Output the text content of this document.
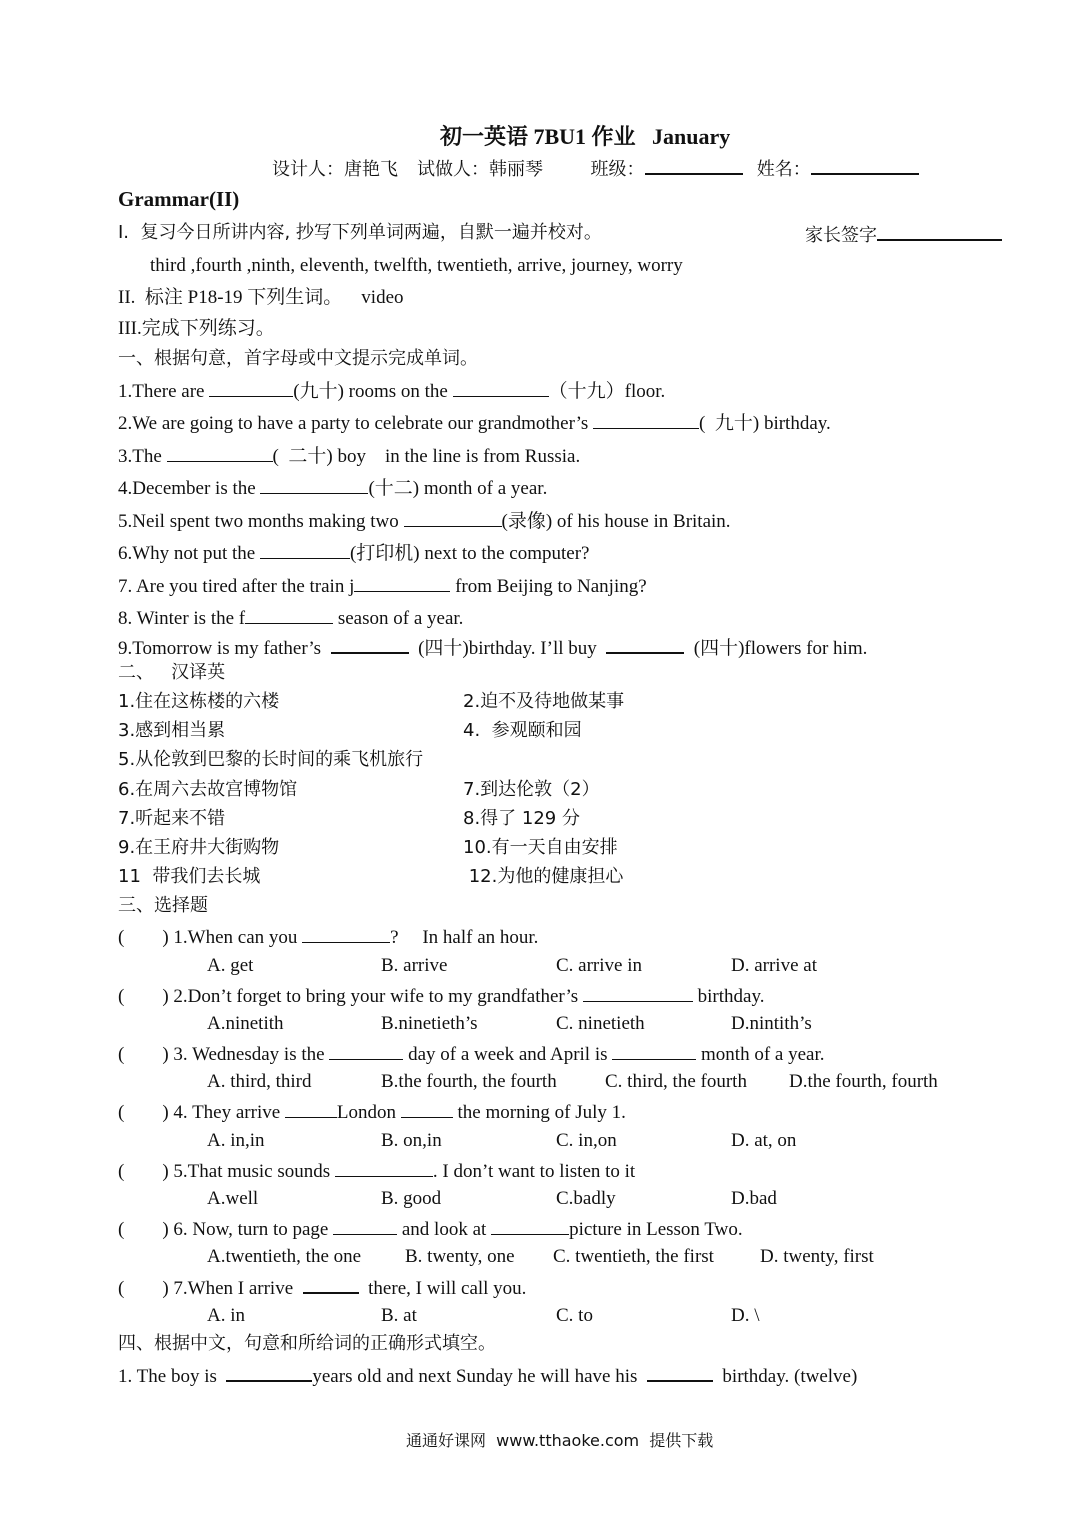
初一英语 7BU1 作业   January
设计人：唐艳飞 试做人：韩丽琴	班级：	姓名：
Grammar(II)
I.  复习今日所讲内容, 抄写下列单词两遍，自默一遍并校对。	家长签字
third ,fourth ,ninth, eleventh, twelfth, twentieth, arrive, journey, worry
II.  标注 P18-19 下列生词。    video
III.完成下列练习。
一、根据句意，首字母或中文提示完成单词。
1.There are	(九十) rooms on the	（十九）floor.
2.We are going to have a party to celebrate our grandmother’s	(  九十) birthday.
3.The	(  二十) boy    in the line is from Russia.
4.December is the	(十二) month of a year.
5.Neil spent two months making two	(录像) of his house in Britain.
6.Why not put the	(打印机) next to the computer?
7. Are you tired after the train j	from Beijing to Nanjing?
8. Winter is the f	season of a year.
9.Tomorrow is my father’s	(四十)birthday. I’ll buy	(四十)flowers for him.
二、   汉译英
1.住在这栋楼的六楼	2.迫不及待地做某事
3.感到相当累	4.  参观颐和园
5.从伦敦到巴黎的长时间的乘飞机旅行
6.在周六去故宫博物馆	7.到达伦敦（2）
7.听起来不错	8.得了 129 分
9.在王府井大街购物	10.有一天自由安排
11  带我们去长城	12.为他的健康担心
三、选择题
(        ) 1.When can you	?     In half an hour.
A. get	B. arrive	C. arrive in	D. arrive at
(        ) 2.Don’t forget to bring your wife to my grandfather’s	birthday.
A.ninetith	B.ninetieth’s	C. ninetieth	D.nintith’s
(        ) 3. Wednesday is the	day of a week and April is	month of a year.
A. third, third	B.the fourth, the fourth	C. third, the fourth D.the fourth, fourth
(        ) 4. They arrive	London	the morning of July 1.
A. in,in	B. on,in	C. in,on	D. at, on
(        ) 5.That music sounds	. I don’t want to listen to it
A.well	B. good	C.badly	D.bad
(        ) 6. Now, turn to page	and look at	picture in Lesson Two.
A.twentieth, the one B. twenty, one C. twentieth, the first D. twenty, first
(        ) 7.When I arrive	there, I will call you.
A. in	B. at	C. to	D. \
四、根据中文，句意和所给词的正确形式填空。
1. The boy is	years old and next Sunday he will have his	birthday. (twelve)
通通好课网  www.tthaoke.com  提供下载
